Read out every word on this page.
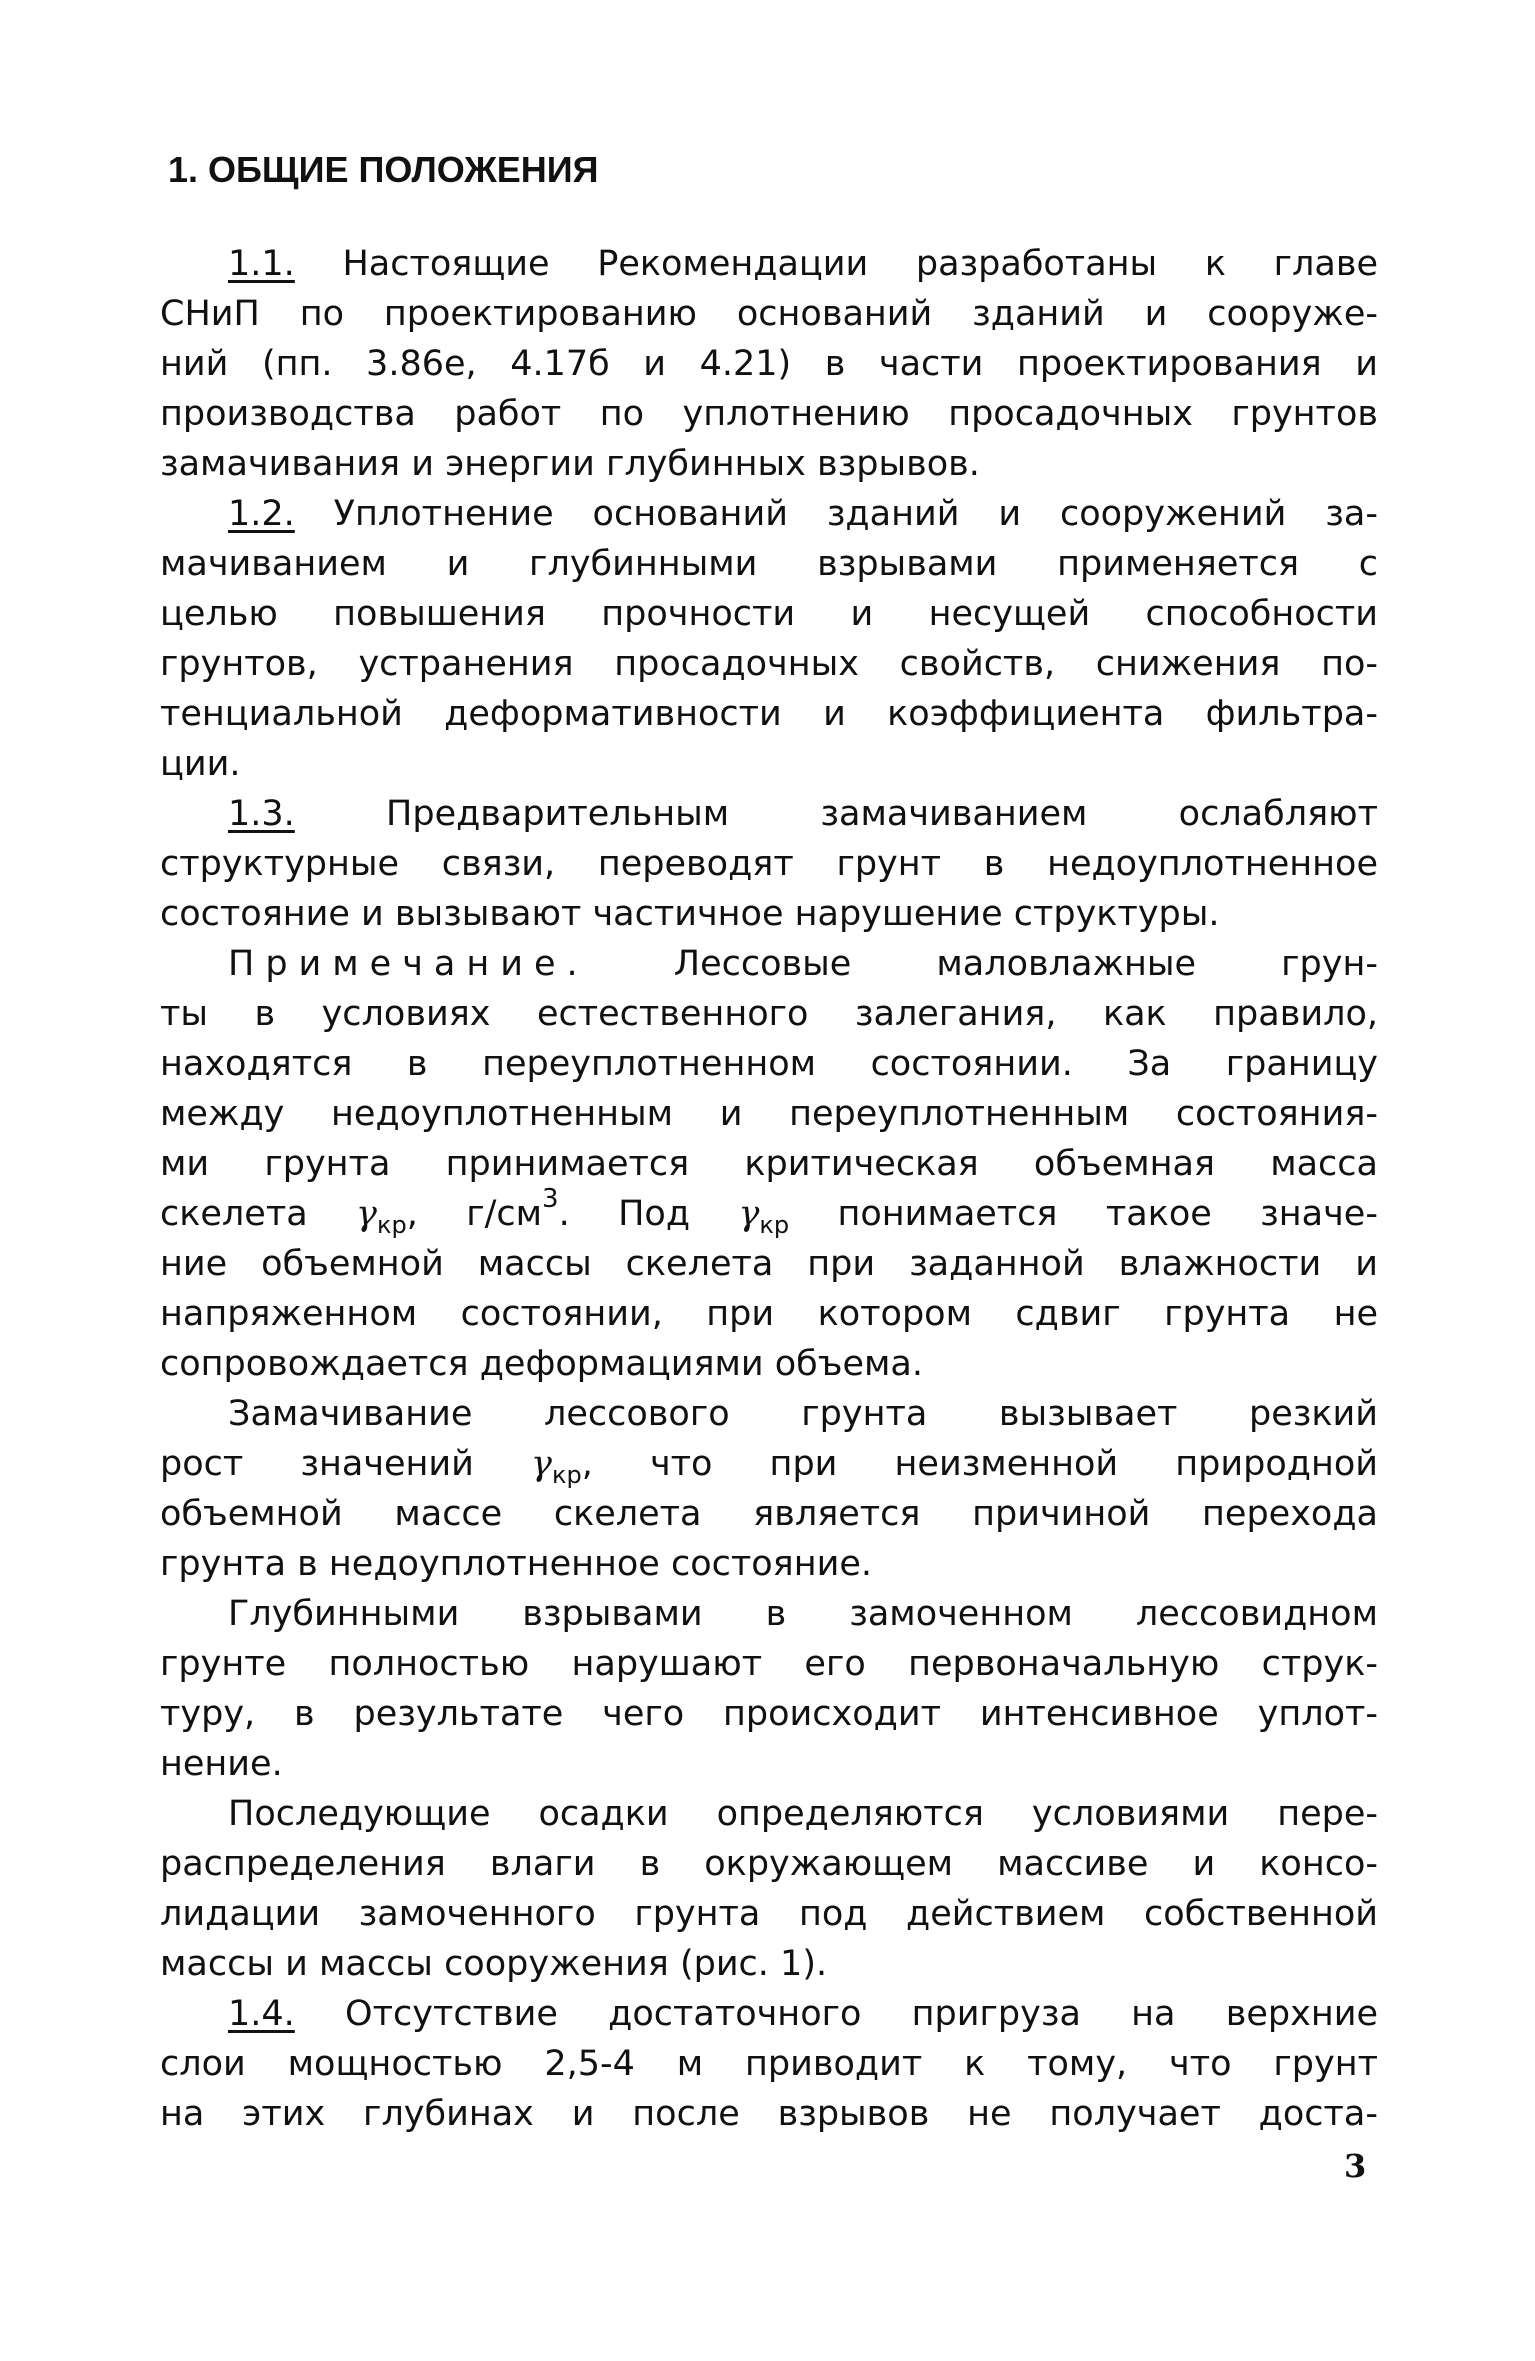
1. ОБЩИЕ ПОЛОЖЕНИЯ
1.1. Настоящие Рекомендации разработаны к главе
СНиП по проектированию оснований зданий и сооруже-
ний (пп. 3.86е, 4.17б и 4.21) в части проектирования и
производства работ по уплотнению просадочных грунтов
замачивания и энергии глубинных взрывов.
1.2. Уплотнение оснований зданий и сооружений за-
мачиванием и глубинными взрывами применяется с
целью повышения прочности и несущей способности
грунтов, устранения просадочных свойств, снижения по-
тенциальной деформативности и коэффициента фильтра-
ции.
1.3. Предварительным замачиванием ослабляют
структурные связи, переводят грунт в недоуплотненное
состояние и вызывают частичное нарушение структуры.
Примечание. Лессовые маловлажные грун-
ты в условиях естественного залегания, как правило,
находятся в переуплотненном состоянии. За границу
между недоуплотненным и переуплотненным состояния-
ми грунта принимается критическая объемная масса
скелета $\gamma_{кр}$, $г/см^3$. Под $\gamma_{кр}$ понимается такое значе-
ние объемной массы скелета при заданной влажности и
напряженном состоянии, при котором сдвиг грунта не
сопровождается деформациями объема.
Замачивание лессового грунта вызывает резкий
рост значений $\gamma_{кр}$, что при неизменной природной
объемной массе скелета является причиной перехода
грунта в недоуплотненное состояние.
Глубинными взрывами в замоченном лессовидном
грунте полностью нарушают его первоначальную струк-
туру, в результате чего происходит интенсивное уплот-
нение.
Последующие осадки определяются условиями пере-
распределения влаги в окружающем массиве и консо-
лидации замоченного грунта под действием собственной
массы и массы сооружения (рис. 1).
1.4. Отсутствие достаточного пригруза на верхние
слои мощностью 2,5-4 м приводит к тому, что грунт
на этих глубинах и после взрывов не получает доста-
3
